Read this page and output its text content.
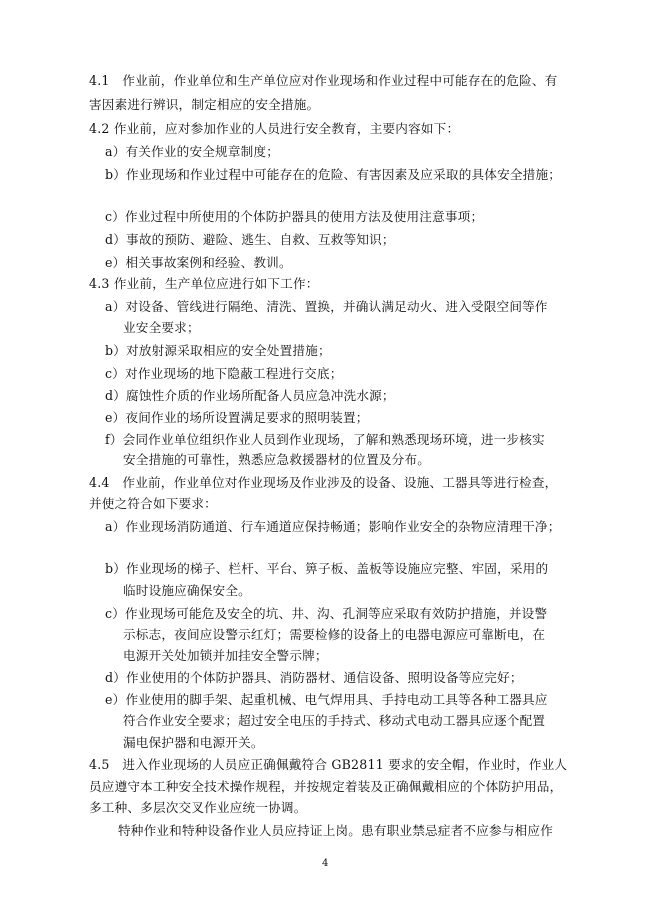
4.1　作业前，作业单位和生产单位应对作业现场和作业过程中可能存在的危险、有
害因素进行辨识，制定相应的安全措施。
4.2 作业前，应对参加作业的人员进行安全教育，主要内容如下：
a）有关作业的安全规章制度；
b）作业现场和作业过程中可能存在的危险、有害因素及应采取的具体安全措施；
c）作业过程中所使用的个体防护器具的使用方法及使用注意事项；
d）事故的预防、避险、逃生、自救、互救等知识；
e）相关事故案例和经验、教训。
4.3 作业前，生产单位应进行如下工作：
a）对设备、管线进行隔绝、清洗、置换，并确认满足动火、进入受限空间等作
业安全要求；
b）对放射源采取相应的安全处置措施；
c）对作业现场的地下隐蔽工程进行交底；
d）腐蚀性介质的作业场所配备人员应急冲洗水源；
e）夜间作业的场所设置满足要求的照明装置；
f）会同作业单位组织作业人员到作业现场，了解和熟悉现场环境，进一步核实
安全措施的可靠性，熟悉应急救援器材的位置及分布。
4.4　作业前，作业单位对作业现场及作业涉及的设备、设施、工器具等进行检查，
并使之符合如下要求：
a）作业现场消防通道、行车通道应保持畅通；影响作业安全的杂物应清理干净；
b）作业现场的梯子、栏杆、平台、箅子板、盖板等设施应完整、牢固，采用的
临时设施应确保安全。
c）作业现场可能危及安全的坑、井、沟、孔洞等应采取有效防护措施，并设警
示标志，夜间应设警示红灯；需要检修的设备上的电器电源应可靠断电，在
电源开关处加锁并加挂安全警示牌；
d）作业使用的个体防护器具、消防器材、通信设备、照明设备等应完好；
e）作业使用的脚手架、起重机械、电气焊用具、手持电动工具等各种工器具应
符合作业安全要求；超过安全电压的手持式、移动式电动工器具应逐个配置
漏电保护器和电源开关。
4.5　进入作业现场的人员应正确佩戴符合 GB2811 要求的安全帽，作业时，作业人
员应遵守本工种安全技术操作规程，并按规定着装及正确佩戴相应的个体防护用品，
多工种、多层次交叉作业应统一协调。
特种作业和特种设备作业人员应持证上岗。患有职业禁忌症者不应参与相应作
4
